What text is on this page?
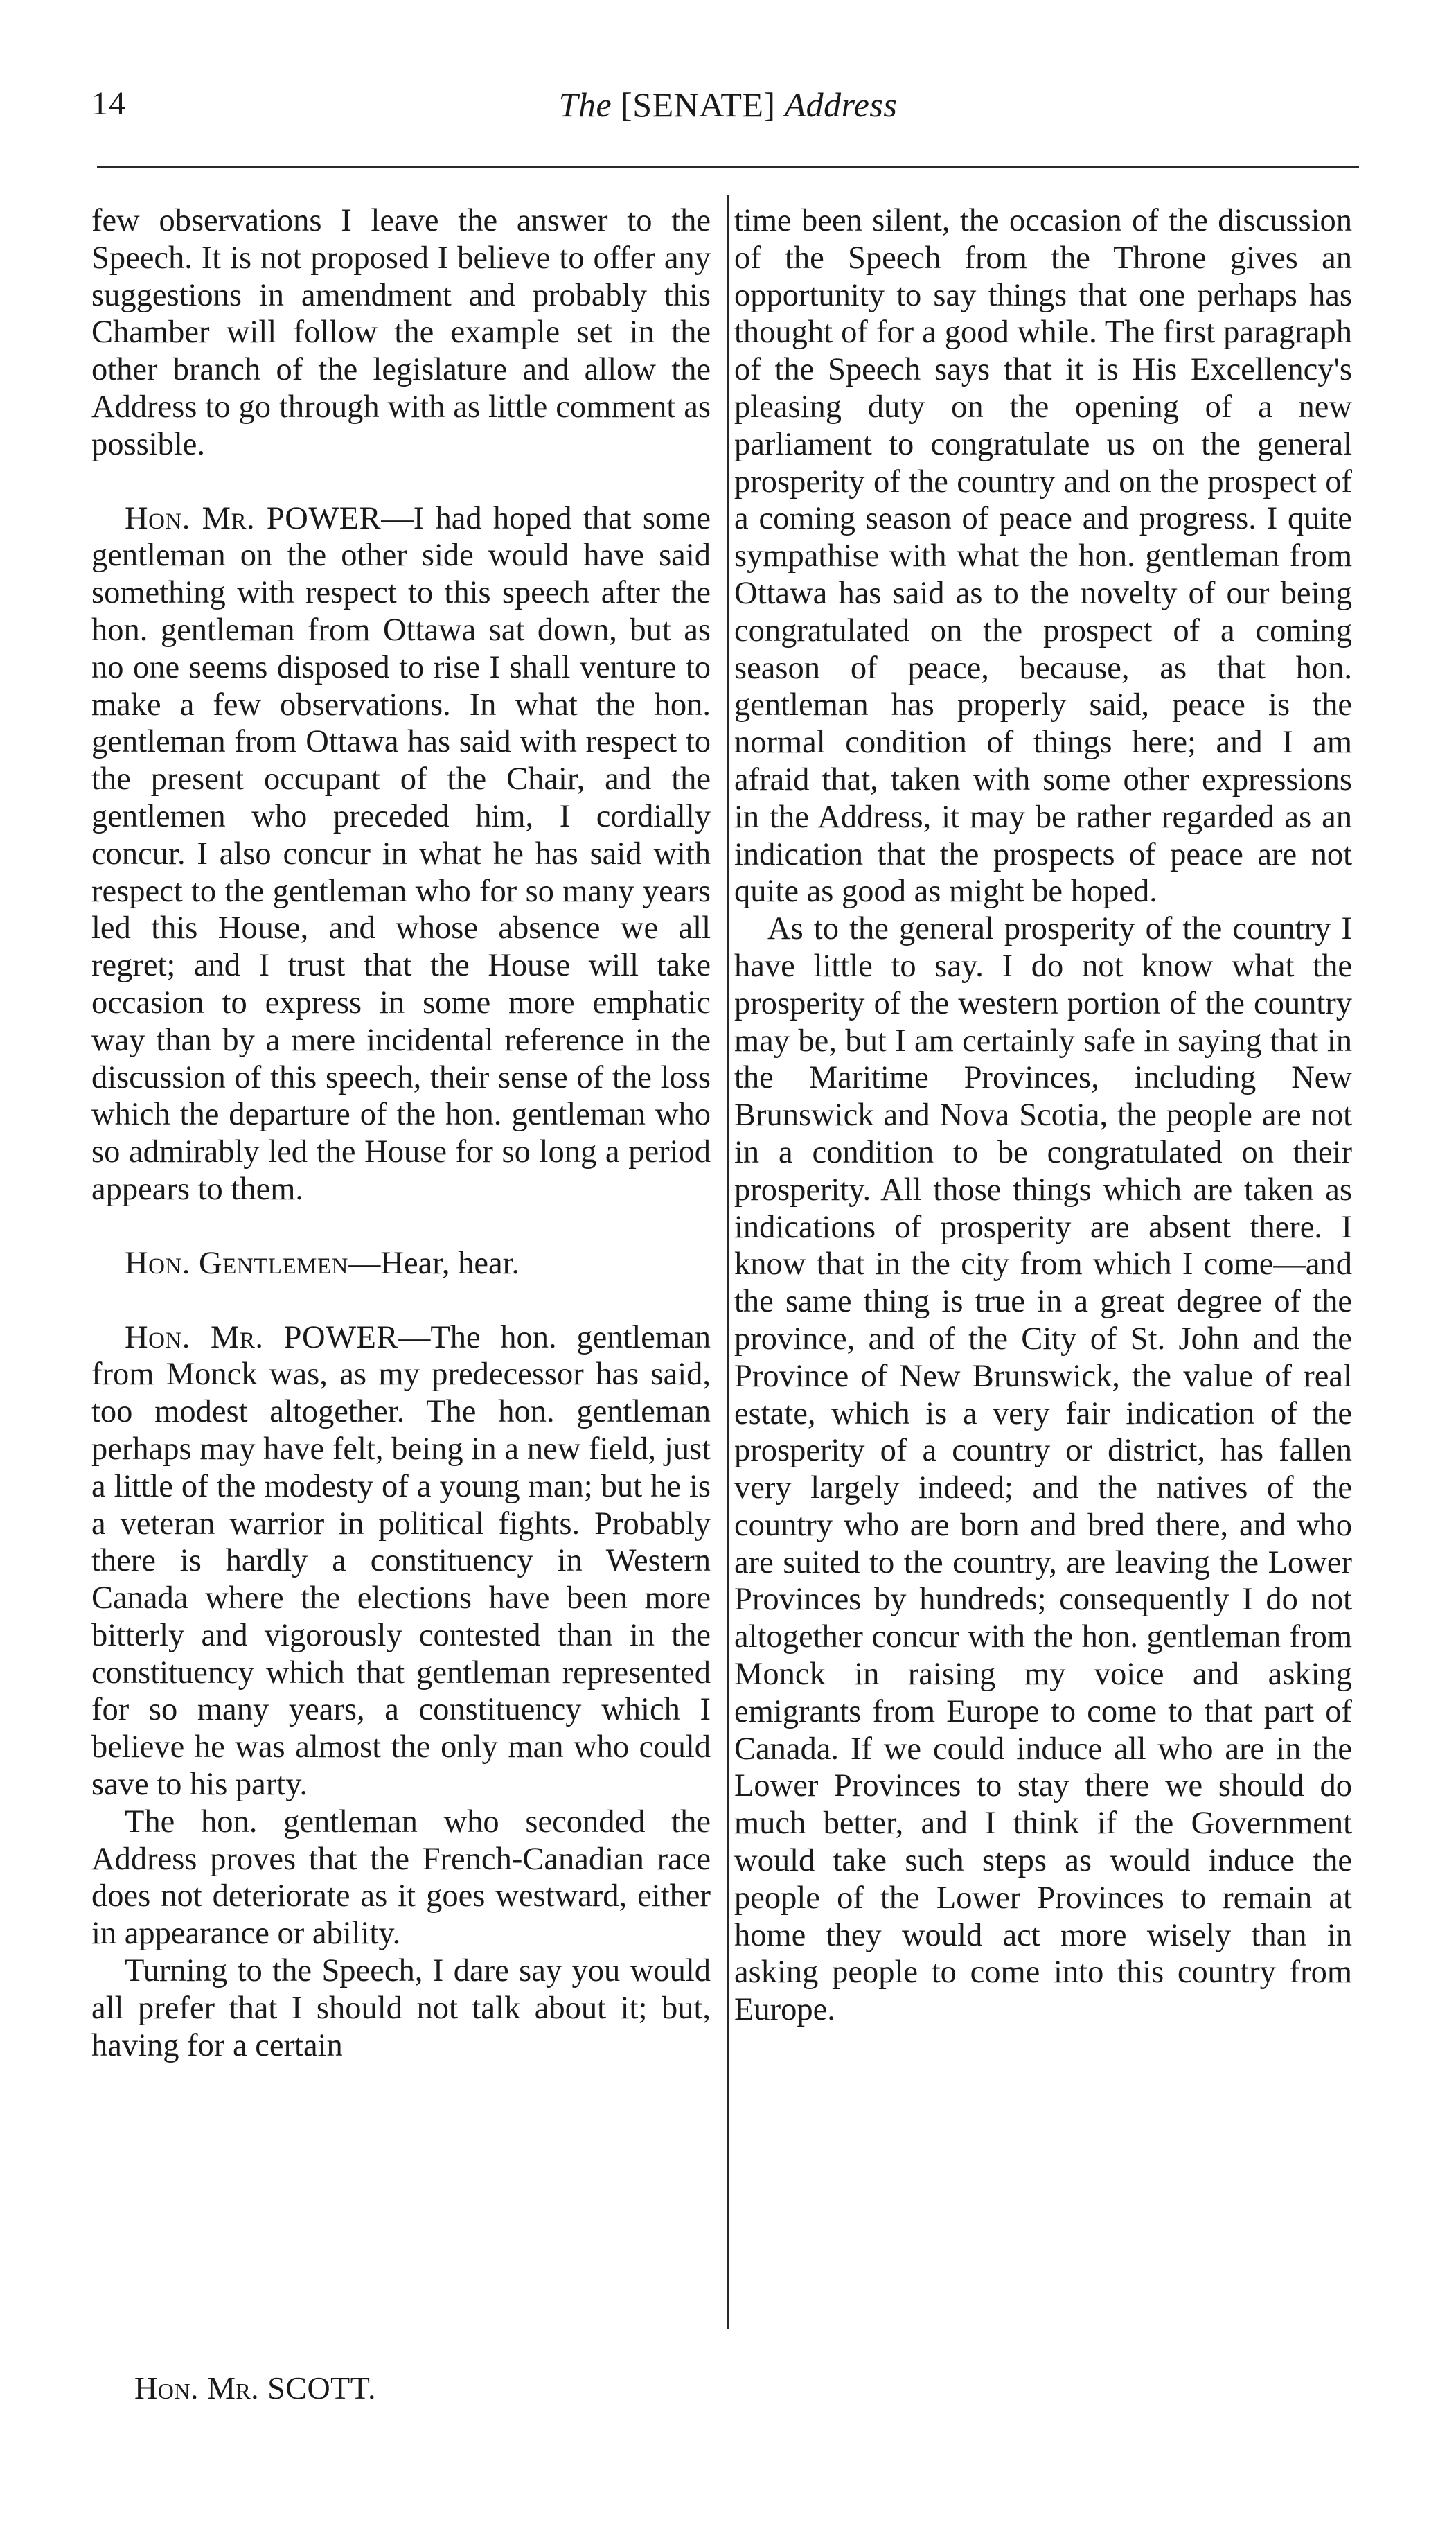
14	The [SENATE] Address

few observations I leave the answer to the Speech. It is not proposed I believe to offer any suggestions in amendment and probably this Chamber will follow the example set in the other branch of the legislature and allow the Address to go through with as little comment as possible.

Hon. Mr. POWER—I had hoped that some gentleman on the other side would have said something with respect to this speech after the hon. gentleman from Ottawa sat down, but as no one seems disposed to rise I shall venture to make a few observations. In what the hon. gentleman from Ottawa has said with respect to the present occupant of the Chair, and the gentlemen who preceded him, I cordially concur. I also concur in what he has said with respect to the gentleman who for so many years led this House, and whose absence we all regret; and I trust that the House will take occasion to express in some more emphatic way than by a mere incidental reference in the discussion of this speech, their sense of the loss which the departure of the hon. gentleman who so admirably led the House for so long a period appears to them.

Hon. Gentlemen—Hear, hear.

Hon. Mr. POWER—The hon. gentleman from Monck was, as my predecessor has said, too modest altogether. The hon. gentleman perhaps may have felt, being in a new field, just a little of the modesty of a young man; but he is a veteran warrior in political fights. Probably there is hardly a constituency in Western Canada where the elections have been more bitterly and vigorously contested than in the constituency which that gentleman represented for so many years, a constituency which I believe he was almost the only man who could save to his party.

The hon. gentleman who seconded the Address proves that the French-Canadian race does not deteriorate as it goes westward, either in appearance or ability.

Turning to the Speech, I dare say you would all prefer that I should not talk about it; but, having for a certain

time been silent, the occasion of the discussion of the Speech from the Throne gives an opportunity to say things that one perhaps has thought of for a good while. The first paragraph of the Speech says that it is His Excellency's pleasing duty on the opening of a new parliament to congratulate us on the general prosperity of the country and on the prospect of a coming season of peace and progress. I quite sympathise with what the hon. gentleman from Ottawa has said as to the novelty of our being congratulated on the prospect of a coming season of peace, because, as that hon. gentleman has properly said, peace is the normal condition of things here; and I am afraid that, taken with some other expressions in the Address, it may be rather regarded as an indication that the prospects of peace are not quite as good as might be hoped.

As to the general prosperity of the country I have little to say. I do not know what the prosperity of the western portion of the country may be, but I am certainly safe in saying that in the Maritime Provinces, including New Brunswick and Nova Scotia, the people are not in a condition to be congratulated on their prosperity. All those things which are taken as indications of prosperity are absent there. I know that in the city from which I come—and the same thing is true in a great degree of the province, and of the City of St. John and the Province of New Brunswick, the value of real estate, which is a very fair indication of the prosperity of a country or district, has fallen very largely indeed; and the natives of the country who are born and bred there, and who are suited to the country, are leaving the Lower Provinces by hundreds; consequently I do not altogether concur with the hon. gentleman from Monck in raising my voice and asking emigrants from Europe to come to that part of Canada. If we could induce all who are in the Lower Provinces to stay there we should do much better, and I think if the Government would take such steps as would induce the people of the Lower Provinces to remain at home they would act more wisely than in asking people to come into this country from Europe.

Hon. Mr. SCOTT.
